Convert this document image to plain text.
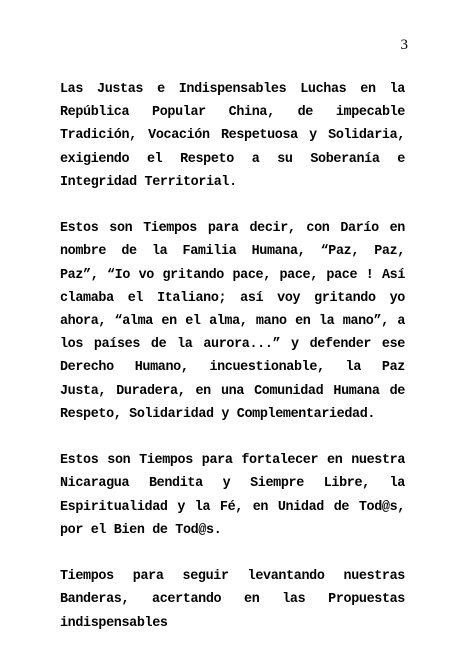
3

Las Justas e Indispensables Luchas en la República Popular China, de impecable Tradición, Vocación Respetuosa y Solidaria, exigiendo el Respeto a su Soberanía e Integridad Territorial.

Estos son Tiempos para decir, con Darío en nombre de la Familia Humana, “Paz, Paz, Paz”, “Io vo gritando pace, pace, pace ! Así clamaba el Italiano; así voy gritando yo ahora, “alma en el alma, mano en la mano”, a los países de la aurora...” y defender ese Derecho Humano, incuestionable, la Paz Justa, Duradera, en una Comunidad Humana de Respeto, Solidaridad y Complementariedad.

Estos son Tiempos para fortalecer en nuestra Nicaragua Bendita y Siempre Libre, la Espiritualidad y la Fé, en Unidad de Tod@s, por el Bien de Tod@s.

Tiempos para seguir levantando nuestras Banderas, acertando en las Propuestas indispensables
